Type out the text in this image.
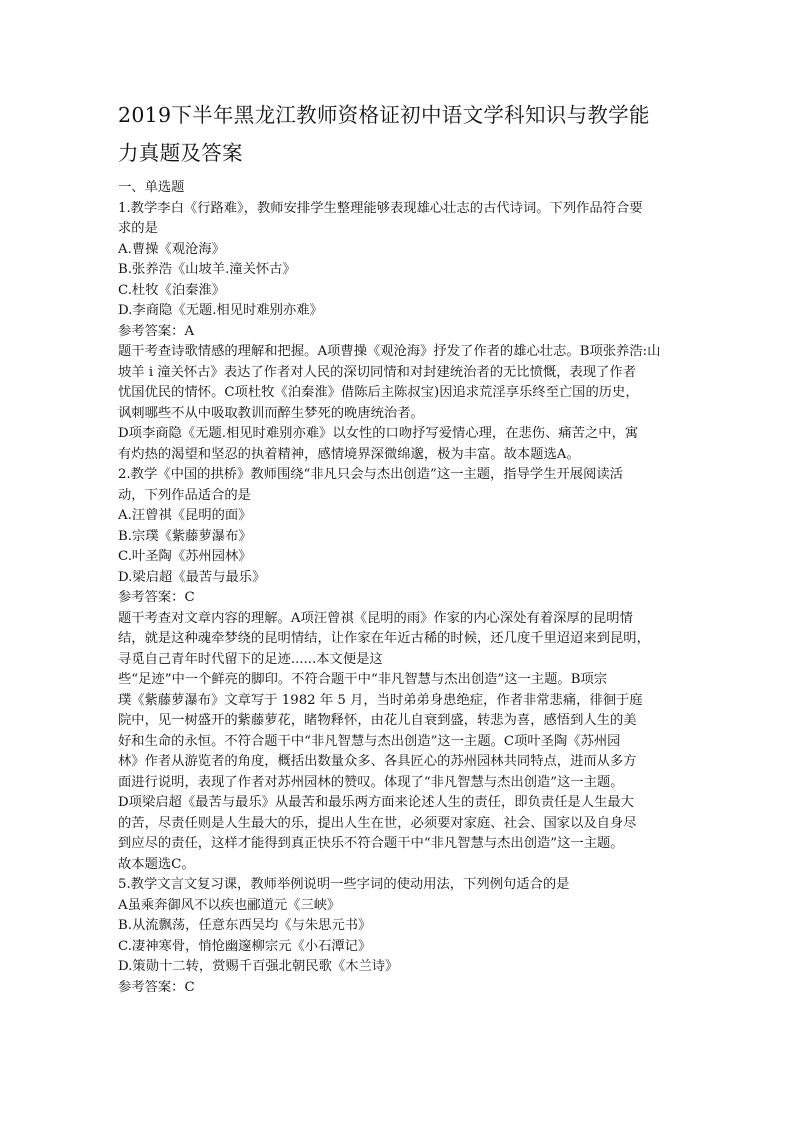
2019下半年黑龙江教师资格证初中语文学科知识与教学能
力真题及答案
一、单选题
1.教学李白《行路难》，教师安排学生整理能够表现雄心壮志的古代诗词。下列作品符合要
求的是
A.曹操《观沧海》
B.张养浩《山坡羊.潼关怀古》
C.杜牧《泊秦淮》
D.李商隐《无题.相见时难别亦难》
参考答案：A
题干考查诗歌情感的理解和把握。A项曹操《观沧海》抒发了作者的雄心壮志。B项张养浩:山
坡羊 i 潼关怀古》表达了作者对人民的深切同情和对封建统治者的无比愤慨，表现了作者
忧国优民的情怀。C项杜牧《泊秦淮》借陈后主陈叔宝)因追求荒淫享乐终至亡国的历史，
讽刺哪些不从中吸取教训而醉生梦死的晚唐统治者。
D项李商隐《无题.相见时难别亦难》以女性的口吻抒写爱情心理，在悲伤、痛苦之中，寓
有灼热的渴望和坚忍的执着精神，感情境界深微绵邈，极为丰富。故本题选A。
2.教学《中国的拱桥》教师围绕“非凡只会与杰出创造”这一主题，指导学生开展阅读活
动，下列作品适合的是
A.汪曾祺《昆明的面》
B.宗璞《紫藤萝瀑布》
C.叶圣陶《苏州园林》
D.梁启超《最苦与最乐》
参考答案：C
题干考查对文章内容的理解。A项汪曾祺《昆明的雨》作家的内心深处有着深厚的昆明情
结，就是这种魂牵梦绕的昆明情结，让作家在年近古稀的时候，还几度千里迢迢来到昆明，
寻觅自己青年时代留下的足迹......本文便是这
些“足迹”中一个鲜亮的脚印。不符合题干中“非凡智慧与杰出创造”这一主题。B项宗
璞《紫藤萝瀑布》文章写于 1982 年 5 月，当时弟弟身患绝症，作者非常悲痛，徘徊于庭
院中，见一树盛开的紫藤萝花，睹物释怀，由花儿自衰到盛，转悲为喜，感悟到人生的美
好和生命的永恒。不符合题干中“非凡智慧与杰出创造”这一主题。C项叶圣陶《苏州园
林》作者从游览者的角度，概括出数量众多、各具匠心的苏州园林共同特点，进而从多方
面进行说明，表现了作者对苏州园林的赞叹。体现了“非凡智慧与杰出创造”这一主题。
D项梁启超《最苦与最乐》从最苦和最乐两方面来论述人生的责任，即负责任是人生最大
的苦，尽责任则是人生最大的乐，提出人生在世，必须要对家庭、社会、国家以及自身尽
到应尽的责任，这样才能得到真正快乐不符合题干中“非凡智慧与杰出创造”这一主题。
故本题选C。
5.教学文言文复习课，教师举例说明一些字词的使动用法，下列例句适合的是
A虽乘奔御风不以疾也郦道元《三峡》
B.从流飘荡，任意东西吴均《与朱思元书》
C.凄神寒骨，悄怆幽邃柳宗元《小石潭记》
D.策勋十二转，赏赐千百强北朝民歌《木兰诗》
参考答案：C
